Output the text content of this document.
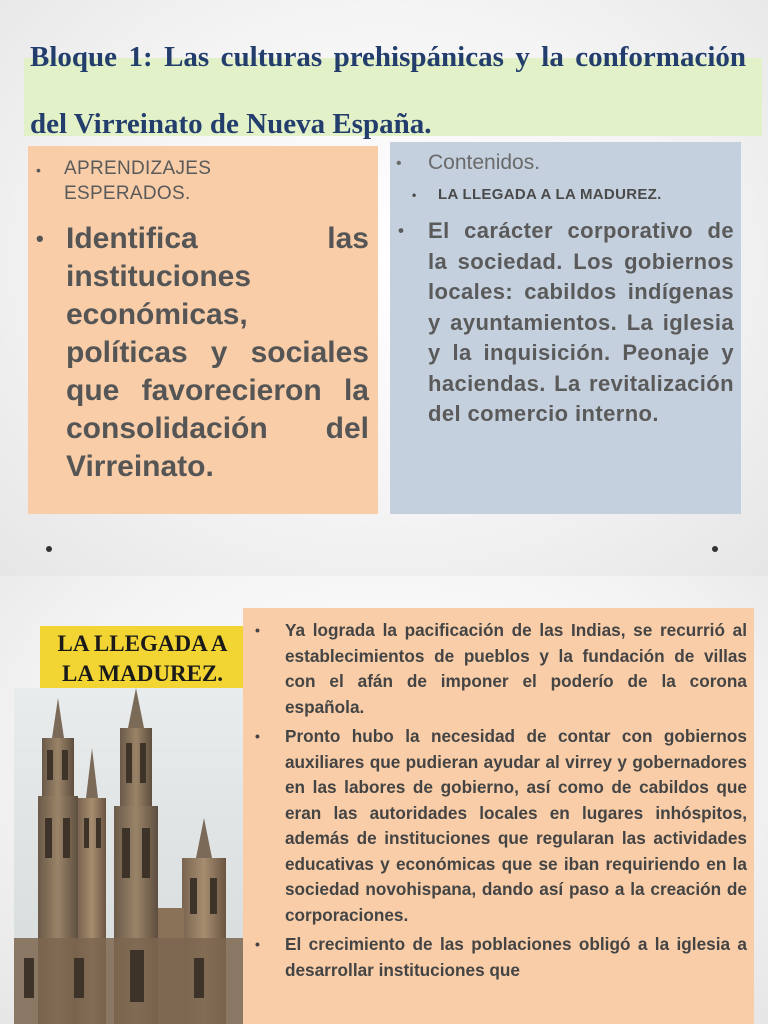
Bloque 1: Las culturas prehispánicas y la conformación del Virreinato de Nueva España.
•	APRENDIZAJES ESPERADOS.
• Identifica las instituciones económicas, políticas y sociales que favorecieron la consolidación del Virreinato.
•	Contenidos.
•	LA LLEGADA A LA MADUREZ.
•	El carácter corporativo de la sociedad. Los gobiernos locales: cabildos indígenas y ayuntamientos. La iglesia y la inquisición. Peonaje y haciendas. La revitalización del comercio interno.
LA LLEGADA A LA MADUREZ.
•	Ya lograda la pacificación de las Indias, se recurrió al establecimientos de pueblos y la fundación de villas con el afán de imponer el poderío de la corona española.
•	Pronto hubo la necesidad de contar con gobiernos auxiliares que pudieran ayudar al virrey y gobernadores en las labores de gobierno, así como de cabildos que eran las autoridades locales en lugares inhóspitos, además de instituciones que regularan las actividades educativas y económicas que se iban requiriendo en la sociedad novohispana, dando así paso a la creación de corporaciones.
•	El crecimiento de las poblaciones obligó a la iglesia a desarrollar instituciones que
